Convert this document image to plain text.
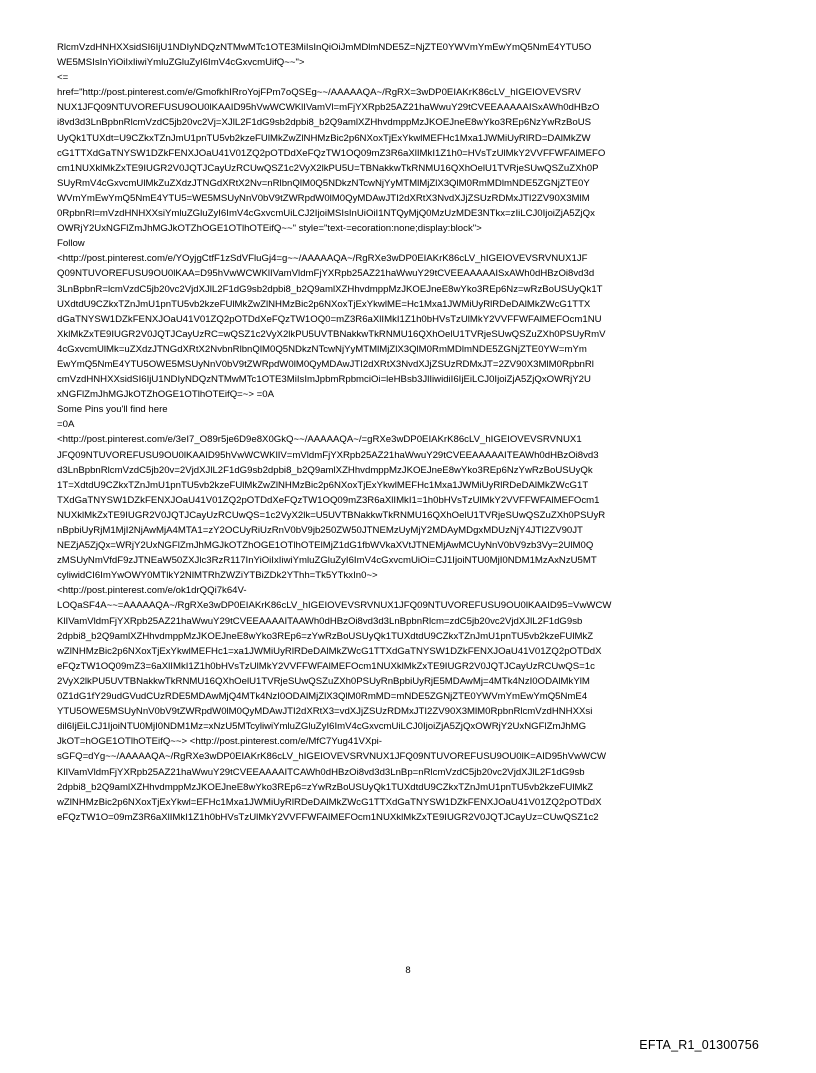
RlcmVzdHNHXXsidSI6IjU1NDIyNDQzNTMwMTc1OTE3MiIsInQiOiJmMDlmNDE5Z=NjZTE0YWVmYmEwYmQ5NmE4YTU5O

WE5MSIsInYiOiIxIiwiYmluZGluZyI6ImV4cGxvcmUifQ~~">

<=

href="http://post.pinterest.com/e/GmofkhIRroYojFPm7oQSEg~~/AAAAAQA~/RgRX=3wDP0EIAKrK86cLV_hIGEIOVEVSRV

NUX1JFQ09NTUVOREFUSU9OU0lKAAID95hVwWCWKlIVamVl=mFjYXRpb25AZ21haWwuY29tCVEEAAAAAISxAWh0dHBzO

i8vd3d3LnBpbnRlcmVzdC5jb20vc2Vj=XJlL2F1dG9sb2dpbi8_b2Q9amlXZHhvdmppMzJKOEJneE8wYko3REp6NzYwRzBoUS

UyQk1TUXdt=U9CZkxTZnJmU1pnTU5vb2kzeFUlMkZwZlNHMzBic2p6NXoxTjExYkwlMEFHc1Mxa1JWMiUyRlRD=DAlMkZW

cG1TTXdGaTNYSW1DZkFENXJOaU41V01ZQ2pOTDdXeFQzTW1OQ09mZ3R6aXlIMkI1Z1h0=HVsTzUlMkY2VVFFWFAlMEFO

cm1NUXklMkZxTE9IUGR2V0JQTJCayUzRCUwQSZ1c2VyX2lkPU5U=TBNakkwTkRNMU16QXhOelU1TVRjeSUwQSZuZXh0P

SUyRmV4cGxvcmUlMkZuZXdzJTNGdXRtX2Nv=nRlbnQlM0Q5NDkzNTcwNjYyMTMlMjZlX3QlM0RmMDlmNDE5ZGNjZTE0Y

WVmYmEwYmQ5NmE4YTU5=WE5MSUyNnV0bV9tZWRpdW0lM0QyMDAwJTI2dXRtX3NvdXJjZSUzRDMxJTI2ZV90X3MlM

0RpbnRl=mVzdHNHXXsiYmluZGluZyI6ImV4cGxvcmUiLCJ2IjoiMSIsInUiOiI1NTQyMjQ0MzUzMDE3NTkx=zIiLCJ0IjoiZjA5ZjQx

OWRjY2UxNGFlZmJhMGJkOTZhOGE1OTlhOTEifQ~~" style="text-=ecoration:none;display:block">

Follow

<http://post.pinterest.com/e/YOyjgCtfF1zSdVFluGj4=g~~/AAAAAQA~/RgRXe3wDP0EIAKrK86cLV_hIGEIOVEVSRVNUX1JF

Q09NTUVOREFUSU9OU0lKAA=D95hVwWCWKlIVamVldmFjYXRpb25AZ21haWwuY29tCVEEAAAAAISxAWh0dHBzOi8vd3d

3LnBpbnR=lcmVzdC5jb20vc2VjdXJlL2F1dG9sb2dpbi8_b2Q9amlXZHhvdmppMzJKOEJneE8wYko3REp6Nz=wRzBoUSUyQk1T

UXdtdU9CZkxTZnJmU1pnTU5vb2kzeFUlMkZwZlNHMzBic2p6NXoxTjExYkwlME=Hc1Mxa1JWMiUyRlRDeDAlMkZWcG1TTX

dGaTNYSW1DZkFENXJOaU41V01ZQ2pOTDdXeFQzTW1OQ0=mZ3R6aXlIMkI1Z1h0bHVsTzUlMkY2VVFFWFAlMEFOcm1NU

XklMkZxTE9IUGR2V0JQTJCayUzRC=wQSZ1c2VyX2lkPU5UVTBNakkwTkRNMU16QXhOelU1TVRjeSUwQSZuZXh0PSUyRmV

4cGxvcmUlMk=uZXdzJTNGdXRtX2NvbnRlbnQlM0Q5NDkzNTcwNjYyMTMlMjZlX3QlM0RmMDlmNDE5ZGNjZTE0YW=mYm

EwYmQ5NmE4YTU5OWE5MSUyNnV0bV9tZWRpdW0lM0QyMDAwJTI2dXRtX3NvdXJjZSUzRDMxJT=2ZV90X3MlM0RpbnRl

cmVzdHNHXXsidSI6IjU1NDIyNDQzNTMwMTc1OTE3MiIsImJpbmRpbmciOi=leHBsb3JlIiwidiI6IjEiLCJ0IjoiZjA5ZjQxOWRjY2U

xNGFlZmJhMGJkOTZhOGE1OTlhOTEifQ=~> =0A

Some Pins you'll find here

=0A

<http://post.pinterest.com/e/3eI7_O89r5je6D9e8X0GkQ~~/AAAAAQA~/=gRXe3wDP0EIAKrK86cLV_hIGEIOVEVSRVNUX1

JFQ09NTUVOREFUSU9OU0lKAAID95hVwWCWKlIV=mVldmFjYXRpb25AZ21haWwuY29tCVEEAAAAAITEAWh0dHBzOi8vd3

d3LnBpbnRlcmVzdC5jb20v=2VjdXJlL2F1dG9sb2dpbi8_b2Q9amlXZHhvdmppMzJKOEJneE8wYko3REp6NzYwRzBoUSUyQk

1T=XdtdU9CZkxTZnJmU1pnTU5vb2kzeFUlMkZwZlNHMzBic2p6NXoxTjExYkwlMEFHc1Mxa1JWMiUyRlRDeDAlMkZWcG1T

TXdGaTNYSW1DZkFENXJOaU41V01ZQ2pOTDdXeFQzTW1OQ09mZ3R6aXlIMkI1=1h0bHVsTzUlMkY2VVFFWFAlMEFOcm1

NUXklMkZxTE9IUGR2V0JQTJCayUzRCUwQS=1c2VyX2lk=U5UVTBNakkwTkRNMU16QXhOelU1TVRjeSUwQSZuZXh0PSUyR

nBpbiUyRjM1MjI2NjAwMjA4MTA1=zY2OCUyRiUzRnV0bV9jb250ZW50JTNEMzUyMjY2MDAyMDgxMDUzNjY4JTI2ZV90JT

NEZjA5ZjQx=WRjY2UxNGFlZmJhMGJkOTZhOGE1OTlhOTElMjZ1dG1fbWVkaXVtJTNEMjAwMCUyNnV0bV9zb3Vy=2UlM0Q

zMSUyNmVfdF9zJTNEaW50ZXJlc3RzR117InYiOiIxIiwiYmluZGluZyI6ImV4cGxvcmUiOi=CJ1IjoiNTU0MjI0NDM1MzAxNzU5MT

cyliwidCI6ImYwOWY0MTlkY2NlMTRhZWZiYTBiZDk2YThh=Tk5YTkxIn0~>

<http://post.pinterest.com/e/ok1drQQi7k64V-

LOQaSF4A~~=AAAAAQA~/RgRXe3wDP0EIAKrK86cLV_hIGEIOVEVSRVNUX1JFQ09NTUVOREFUSU9OU0lKAAID95=VwWCW

KlIVamVldmFjYXRpb25AZ21haWwuY29tCVEEAAAAITAAWh0dHBzOi8vd3d3LnBpbnRlcm=zdC5jb20vc2VjdXJlL2F1dG9sb

2dpbi8_b2Q9amlXZHhvdmppMzJKOEJneE8wYko3REp6=zYwRzBoUSUyQk1TUXdtdU9CZkxTZnJmU1pnTU5vb2kzeFUlMkZ

wZlNHMzBic2p6NXoxTjExYkwlMEFHc1=xa1JWMiUyRlRDeDAlMkZWcG1TTXdGaTNYSW1DZkFENXJOaU41V01ZQ2pOTDdX

eFQzTW1OQ09mZ3=6aXlIMkI1Z1h0bHVsTzUlMkY2VVFFWFAlMEFOcm1NUXklMkZxTE9IUGR2V0JQTJCayUzRCUwQS=1c

2VyX2lkPU5UVTBNakkwTkRNMU16QXhOelU1TVRjeSUwQSZuZXh0PSUyRnBpbiUyRjE5MDAwMj=4MTk4NzI0ODAlMkYlM

0Z1dG1fY29udGVudCUzRDE5MDAwMjQ4MTk4NzI0ODAlMjZlX3QlM0RmMD=mNDE5ZGNjZTE0YWVmYmEwYmQ5NmE4

YTU5OWE5MSUyNnV0bV9tZWRpdW0lM0QyMDAwJTI2dXRtX3=vdXJjZSUzRDMxJTI2ZV90X3MlM0RpbnRlcmVzdHNHXXsi

dil6IjEiLCJ1IjoiNTU0MjI0NDM1Mz=xNzU5MTcyliwiYmluZGluZyI6ImV4cGxvcmUiLCJ0IjoiZjA5ZjQxOWRjY2UxNGFlZmJhMG

JkOT=hOGE1OTlhOTEifQ~~> <http://post.pinterest.com/e/MfC7Yug41VXpi-

sGFQ=dYg~~/AAAAAQA~/RgRXe3wDP0EIAKrK86cLV_hIGEIOVEVSRVNUX1JFQ09NTUVOREFUSU9OU0lK=AID95hVwWCW

KlIVamVldmFjYXRpb25AZ21haWwuY29tCVEEAAAAITCAWh0dHBzOi8vd3d3LnBp=nRlcmVzdC5jb20vc2VjdXJlL2F1dG9sb

2dpbi8_b2Q9amlXZHhvdmppMzJKOEJneE8wYko3REp6=zYwRzBoUSUyQk1TUXdtdU9CZkxTZnJmU1pnTU5vb2kzeFUlMkZ

wZlNHMzBic2p6NXoxTjExYkwl=EFHc1Mxa1JWMiUyRlRDeDAlMkZWcG1TTXdGaTNYSW1DZkFENXJOaU41V01ZQ2pOTDdX

eFQzTW1O=09mZ3R6aXlIMkI1Z1h0bHVsTzUlMkY2VVFFWFAlMEFOcm1NUXklMkZxTE9IUGR2V0JQTJCayUz=CUwQSZ1c2

8
EFTA_R1_01300756
